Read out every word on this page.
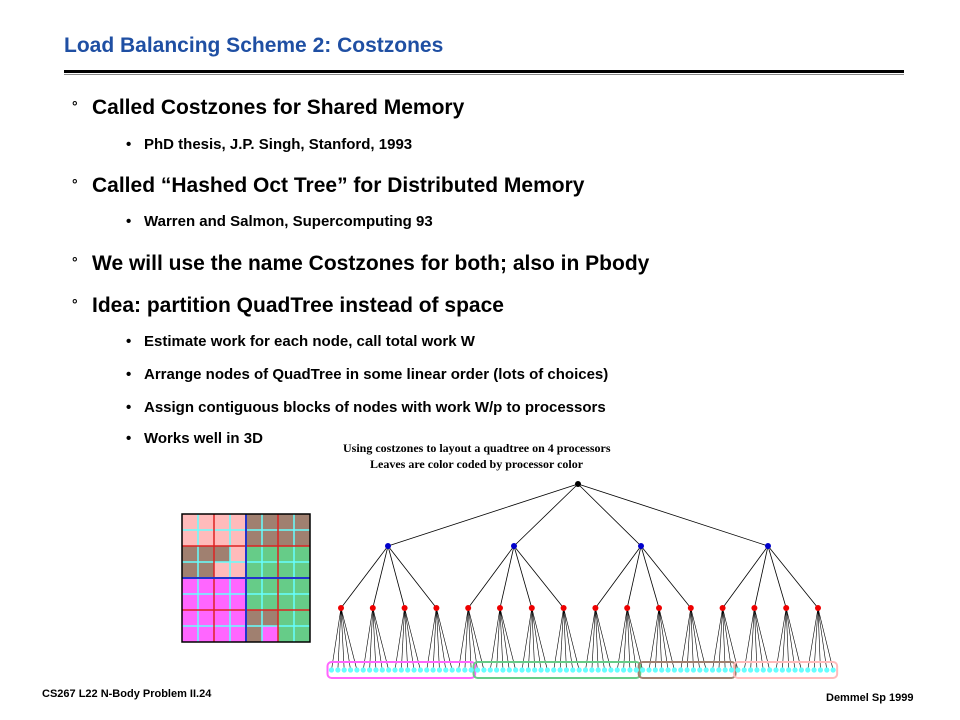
Load Balancing Scheme 2: Costzones
° Called Costzones for Shared Memory
• PhD thesis, J.P. Singh, Stanford, 1993
° Called “Hashed Oct Tree” for Distributed Memory
• Warren and Salmon, Supercomputing 93
° We will use the name Costzones for both; also in Pbody
° Idea: partition QuadTree instead of space
• Estimate work for each node, call total work W
• Arrange nodes of QuadTree in some linear order (lots of choices)
• Assign contiguous blocks of nodes with work W/p to processors
• Works well in 3D
Using costzones to layout a quadtree on 4 processors
Leaves are color coded by processor color
CS267 L22 N-Body Problem II.24	Demmel Sp 1999
